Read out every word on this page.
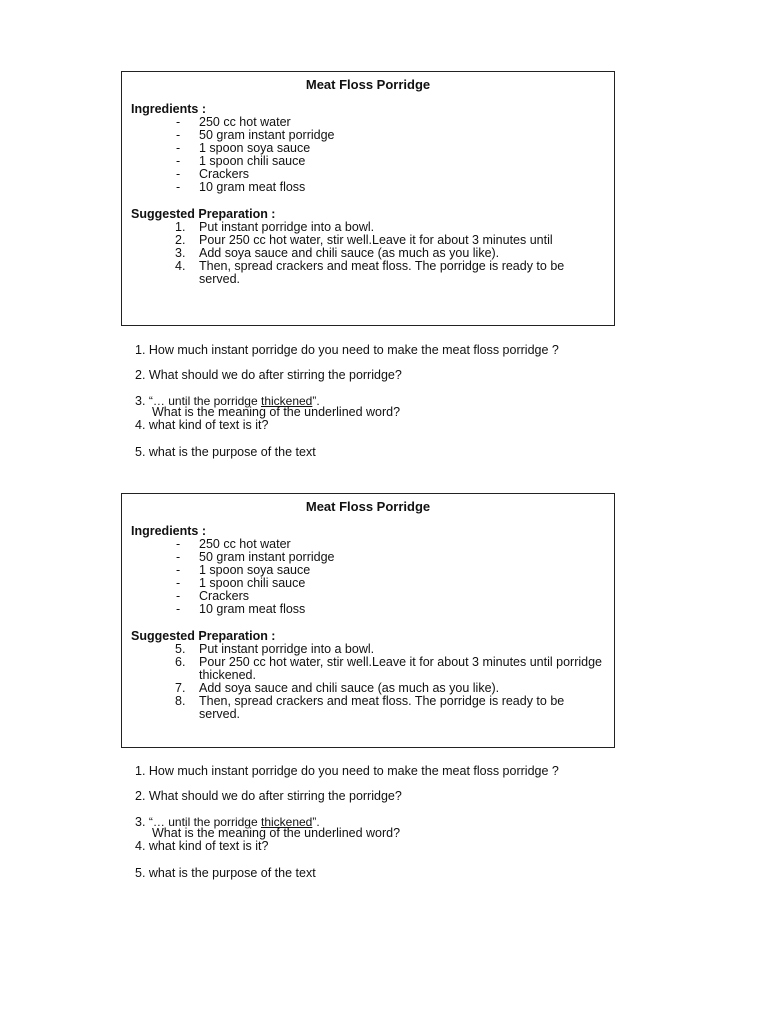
Meat Floss Porridge
Ingredients :
- 250 cc hot water
- 50 gram instant porridge
- 1 spoon soya sauce
- 1 spoon chili sauce
- Crackers
- 10 gram meat floss
Suggested Preparation :
1. Put instant porridge into a bowl.
2. Pour 250 cc hot water, stir well.Leave it for about 3 minutes until
3. Add soya sauce and chili sauce (as much as you like).
4. Then, spread crackers and meat floss. The porridge is ready to be served.
1. How much instant porridge do you need to make the meat floss porridge ?
2. What should we do after stirring the porridge?
3. “… until the porridge thickened”.
What is the meaning of the underlined word?
4. what kind of text is it?
5. what is the purpose of the text
Meat Floss Porridge
Ingredients :
- 250 cc hot water
- 50 gram instant porridge
- 1 spoon soya sauce
- 1 spoon chili sauce
- Crackers
- 10 gram meat floss
Suggested Preparation :
5. Put instant porridge into a bowl.
6. Pour 250 cc hot water, stir well.Leave it for about 3 minutes until porridge thickened.
7. Add soya sauce and chili sauce (as much as you like).
8. Then, spread crackers and meat floss. The porridge is ready to be served.
1. How much instant porridge do you need to make the meat floss porridge ?
2. What should we do after stirring the porridge?
3. “… until the porridge thickened”.
What is the meaning of the underlined word?
4. what kind of text is it?
5. what is the purpose of the text
